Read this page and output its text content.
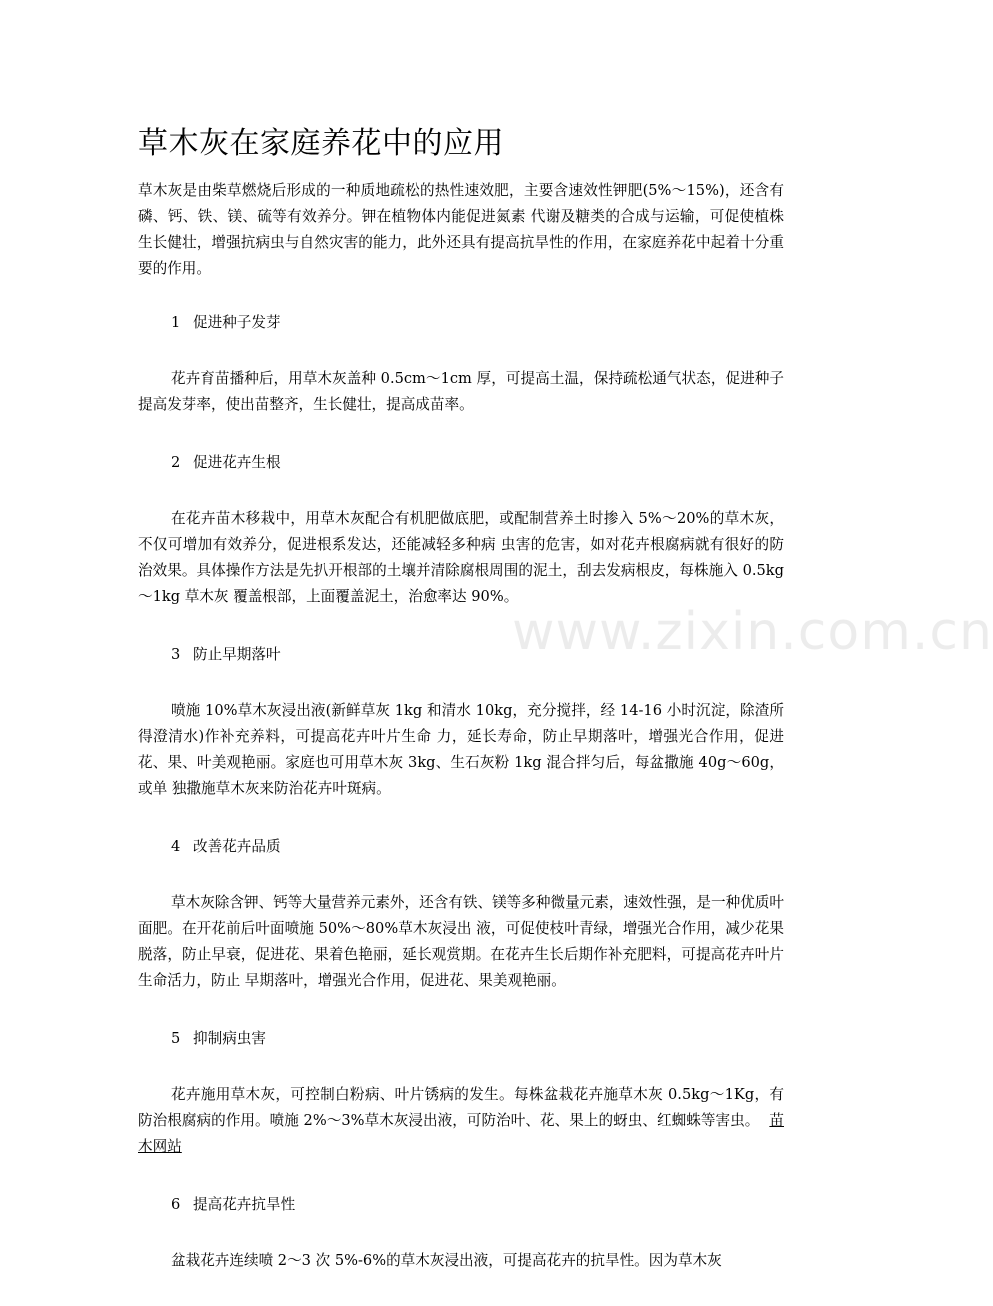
草木灰在家庭养花中的应用

草木灰是由柴草燃烧后形成的一种质地疏松的热性速效肥，主要含速效性钾肥(5%～15%)，还含有磷、钙、铁、镁、硫等有效养分。钾在植物体内能促进氮素 代谢及糖类的合成与运输，可促使植株生长健壮，增强抗病虫与自然灾害的能力，此外还具有提高抗旱性的作用，在家庭养花中起着十分重要的作用。

1 促进种子发芽

花卉育苗播种后，用草木灰盖种 0.5cm～1cm 厚，可提高土温，保持疏松通气状态，促进种子提高发芽率，使出苗整齐，生长健壮，提高成苗率。

2 促进花卉生根

在花卉苗木移栽中，用草木灰配合有机肥做底肥，或配制营养土时掺入 5%～20%的草木灰，不仅可增加有效养分，促进根系发达，还能减轻多种病 虫害的危害，如对花卉根腐病就有很好的防治效果。具体操作方法是先扒开根部的土壤并清除腐根周围的泥土，刮去发病根皮，每株施入 0.5kg～1kg 草木灰 覆盖根部，上面覆盖泥土，治愈率达 90%。

3 防止早期落叶

喷施 10%草木灰浸出液(新鲜草灰 1kg 和清水 10kg，充分搅拌，经 14-16 小时沉淀，除渣所得澄清水)作补充养料，可提高花卉叶片生命 力，延长寿命，防止早期落叶，增强光合作用，促进花、果、叶美观艳丽。家庭也可用草木灰 3kg、生石灰粉 1kg 混合拌匀后，每盆撒施 40g～60g，或单 独撒施草木灰来防治花卉叶斑病。

4 改善花卉品质

草木灰除含钾、钙等大量营养元素外，还含有铁、镁等多种微量元素，速效性强，是一种优质叶面肥。在开花前后叶面喷施 50%～80%草木灰浸出 液，可促使枝叶青绿，增强光合作用，减少花果脱落，防止早衰，促进花、果着色艳丽，延长观赏期。在花卉生长后期作补充肥料，可提高花卉叶片生命活力，防止 早期落叶，增强光合作用，促进花、果美观艳丽。

5 抑制病虫害

花卉施用草木灰，可控制白粉病、叶片锈病的发生。每株盆栽花卉施草木灰 0.5kg～1Kg，有防治根腐病的作用。喷施 2%～3%草木灰浸出液，可防治叶、花、果上的蚜虫、红蜘蛛等害虫。 苗木网站

6 提高花卉抗旱性

盆栽花卉连续喷 2～3 次 5%-6%的草木灰浸出液，可提高花卉的抗旱性。因为草木灰

www.zixin.com.cn
